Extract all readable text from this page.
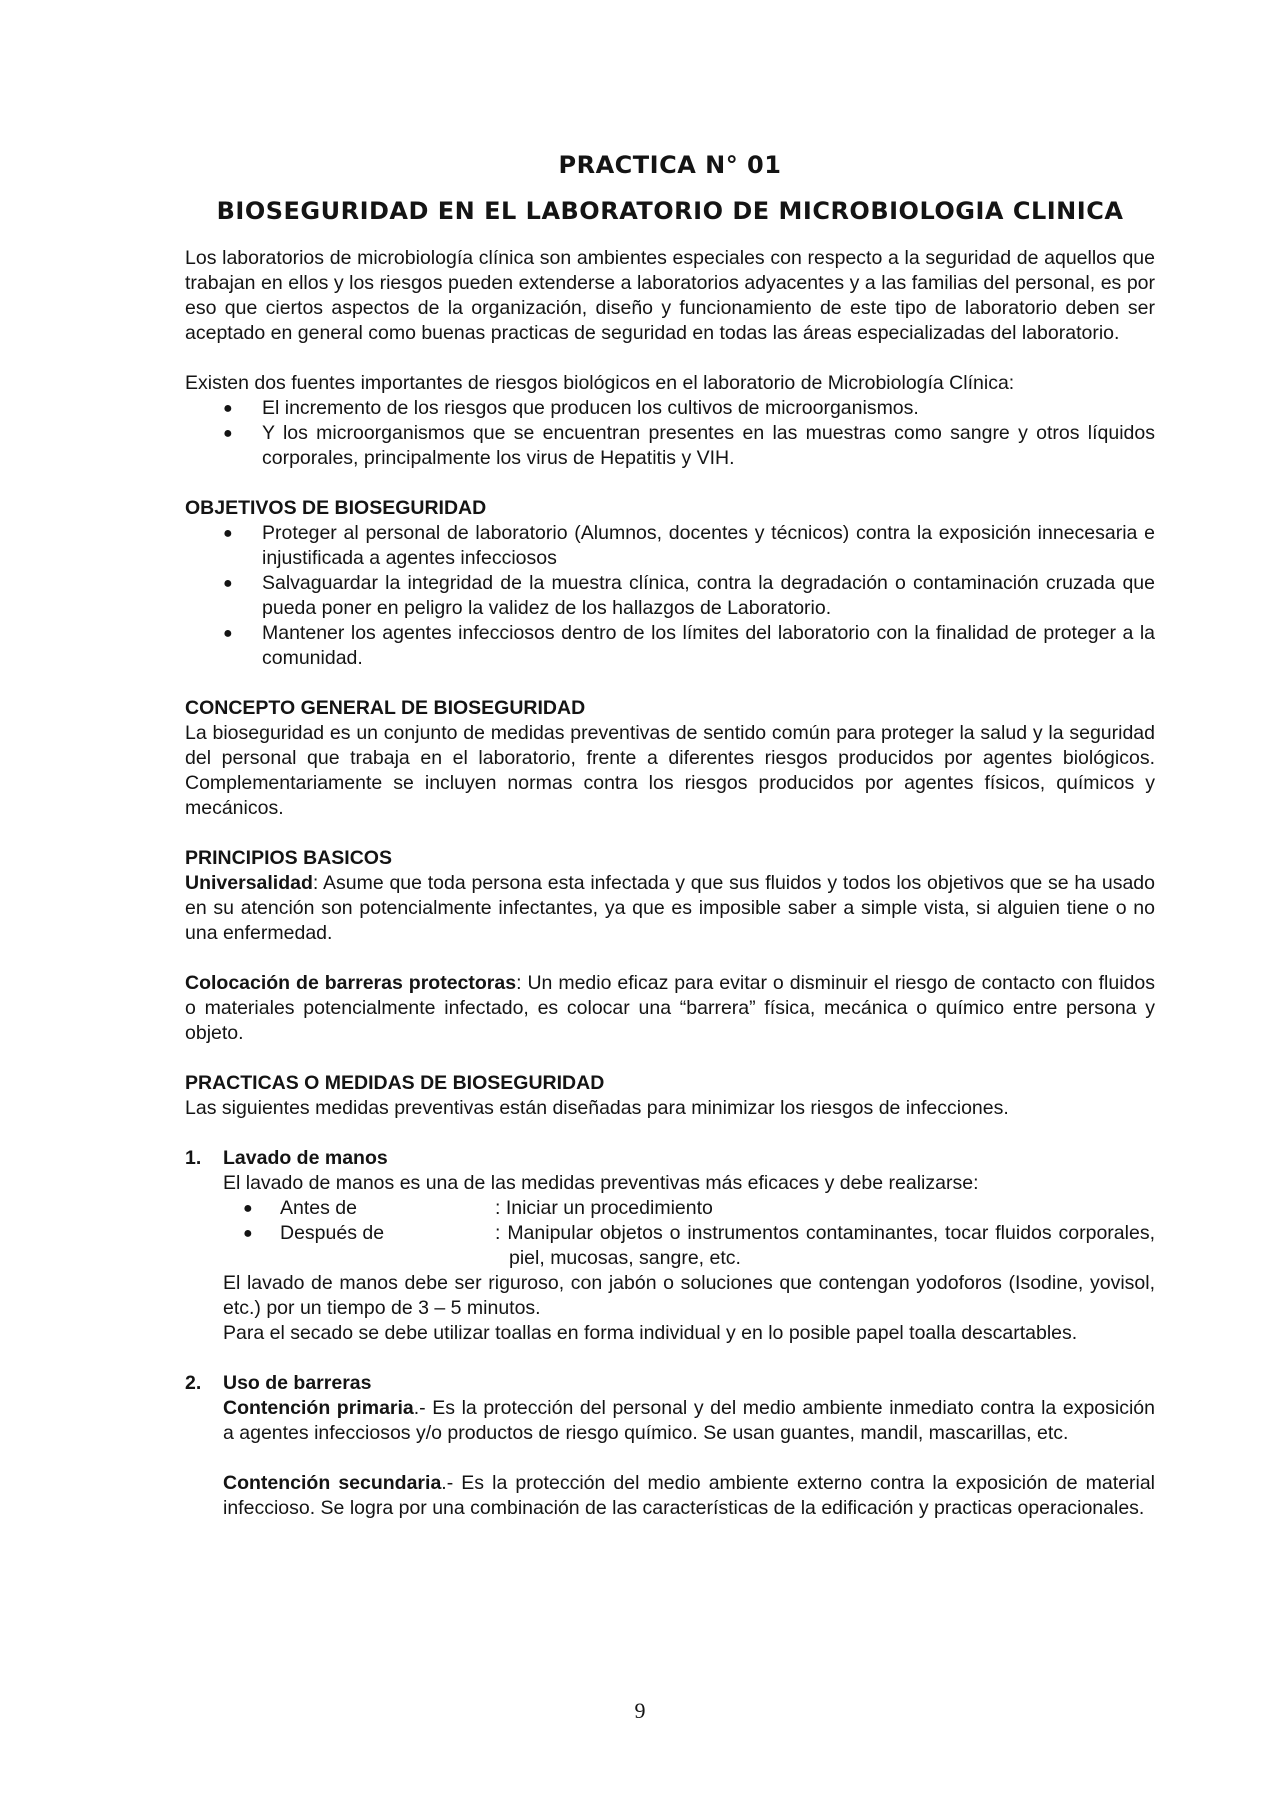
PRACTICA N° 01
BIOSEGURIDAD EN EL LABORATORIO DE MICROBIOLOGIA CLINICA

Los laboratorios de microbiología clínica son ambientes especiales con respecto a la seguridad de aquellos que trabajan en ellos y los riesgos pueden extenderse a laboratorios adyacentes y a las familias del personal, es por eso que ciertos aspectos de la organización, diseño y funcionamiento de este tipo de laboratorio deben ser aceptado en general como buenas practicas de seguridad en todas las áreas especializadas del laboratorio.

Existen dos fuentes importantes de riesgos biológicos en el laboratorio de Microbiología Clínica:

● El incremento de los riesgos que producen los cultivos de microorganismos.
● Y los microorganismos que se encuentran presentes en las muestras como sangre y otros líquidos corporales, principalmente los virus de Hepatitis y VIH.
OBJETIVOS DE BIOSEGURIDAD
● Proteger al personal de laboratorio (Alumnos, docentes y técnicos) contra la exposición innecesaria e injustificada a agentes infecciosos
● Salvaguardar la integridad de la muestra clínica, contra la degradación o contaminación cruzada que pueda poner en peligro la validez de los hallazgos de Laboratorio.
● Mantener los agentes infecciosos dentro de los límites del laboratorio con la finalidad de proteger a la comunidad.
CONCEPTO GENERAL DE BIOSEGURIDAD

La bioseguridad es un conjunto de medidas preventivas de sentido común para proteger la salud y la seguridad del personal que trabaja en el laboratorio, frente a diferentes riesgos producidos por agentes biológicos. Complementariamente se incluyen normas contra los riesgos producidos por agentes físicos, químicos y mecánicos.

PRINCIPIOS BASICOS

Universalidad: Asume que toda persona esta infectada y que sus fluidos y todos los objetivos que se ha usado en su atención son potencialmente infectantes, ya que es imposible saber a simple vista, si alguien tiene o no una enfermedad.

Colocación de barreras protectoras: Un medio eficaz para evitar o disminuir el riesgo de contacto con fluidos o materiales potencialmente infectado, es colocar una “barrera” física, mecánica o químico entre persona y objeto.

PRACTICAS O MEDIDAS DE BIOSEGURIDAD

Las siguientes medidas preventivas están diseñadas para minimizar los riesgos de infecciones.

1. Lavado de manos

El lavado de manos es una de las medidas preventivas más eficaces y debe realizarse:

● Antes de	: Iniciar un procedimiento
● Después de	: Manipular objetos o instrumentos contaminantes, tocar fluidos corporales, piel, mucosas, sangre, etc.

El lavado de manos debe ser riguroso, con jabón o soluciones que contengan yodoforos (Isodine, yovisol, etc.) por un tiempo de 3 – 5 minutos.

Para el secado se debe utilizar toallas en forma individual y en lo posible papel toalla descartables.

2. Uso de barreras

Contención primaria.- Es la protección del personal y del medio ambiente inmediato contra la exposición a agentes infecciosos y/o productos de riesgo químico. Se usan guantes, mandil, mascarillas, etc.

Contención secundaria.- Es la protección del medio ambiente externo contra la exposición de material infeccioso. Se logra por una combinación de las características de la edificación y practicas operacionales.

9
